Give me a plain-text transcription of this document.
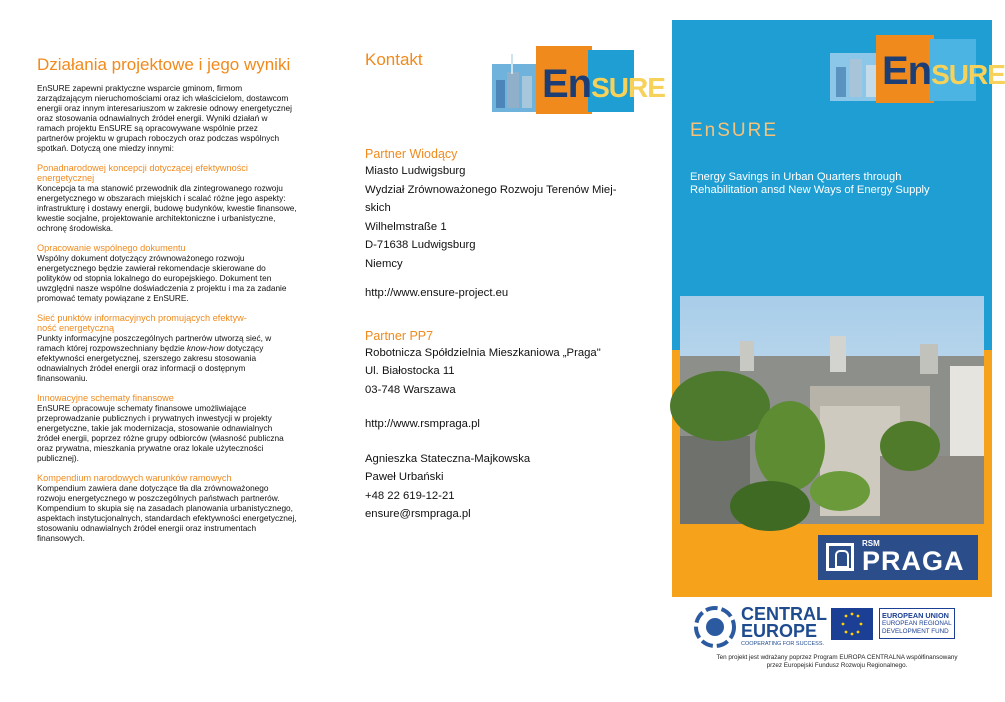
Działania projektowe i jego wyniki

EnSURE zapewni praktyczne wsparcie gminom, firmom zarządzającym nieruchomościami oraz ich właścicielom, dostawcom energii oraz innym interesariuszom w zakresie odnowy energetycznej oraz stosowania odnawialnych źródeł energii. Wyniki działań w ramach projektu EnSURE są opracowywane wspólnie przez partnerów projektu w grupach roboczych oraz podczas wspólnych spotkań. Dotyczą one miedzy innymi:

Ponadnarodowej koncepcji dotyczącej efektywności
energetycznej

Koncepcja ta ma stanowić przewodnik dla zintegrowanego rozwoju energetycznego w obszarach miejskich i scalać różne jego aspekty: infrastrukturę i dostawy energii, budowę budynków, kwestie finansowe, kwestie socjalne, projektowanie architektoniczne i urbanistyczne, ochronę środowiska.

Opracowanie wspólnego dokumentu

Wspólny dokument dotyczący zrównoważonego rozwoju energetycznego będzie zawierał rekomendacje skierowane do polityków od stopnia lokalnego do europejskiego. Dokument ten uwzględni nasze wspólne doświadczenia z projektu i ma za zadanie promować tematy powiązane z EnSURE.

Sieć punktów informacyjnych promujących efektyw-
ność energetyczną

Punkty informacyjne poszczególnych partnerów utworzą sieć, w ramach której rozpowszechniany będzie know-how dotyczący efektywności energetycznej, szerszego zakresu stosowania odnawialnych źródeł energii oraz informacji o dostępnym finansowaniu.

Innowacyjne schematy finansowe

EnSURE opracowuje schematy finansowe umożliwiające przeprowadzanie publicznych i prywatnych inwestycji w projekty energetyczne, takie jak modernizacja, stosowanie odnawialnych źródeł energii, poprzez różne grupy odbiorców (własność publiczna oraz prywatna, mieszkania prywatne oraz lokale użyteczności publicznej).

Kompendium narodowych warunków ramowych

Kompendium zawiera dane dotyczące tła dla zrównoważonego rozwoju energetycznego w poszczególnych państwach partnerów. Kompendium to skupia się na zasadach planowania urbanistycznego, aspektach instytucjonalnych, standardach efektywności energetycznej, stosowaniu odnawialnych źródeł energii oraz instrumentach finansowych.

Kontakt
Partner Wiodący
Miasto Ludwigsburg
Wydział Zrównoważonego Rozwoju Terenów Miej-
skich
Wilhelmstraße 1
D-71638 Ludwigsburg
Niemcy
http://www.ensure-project.eu
Partner PP7
Robotnicza Spółdzielnia Mieszkaniowa „Praga"
Ul. Białostocka 11
03-748 Warszawa
http://www.rsmpraga.pl
Agnieszka Stateczna-Majkowska
Paweł Urbański
+48 22 619-12-21
ensure@rsmpraga.pl
EnSURE	EnSURE
EnSURE
Energy Savings in Urban Quarters through
Rehabilitation ansd New Ways of Energy Supply
RSM
PRAGA
CENTRAL
EUROPE
COOPERATING FOR SUCCESS.
EUROPEAN UNION
EUROPEAN REGIONAL
DEVELOPMENT FUND
Ten projekt jest wdrażany poprzez Program EUROPA CENTRALNA współfinansowany
przez Europejski Fundusz Rozwoju Regionalnego.
